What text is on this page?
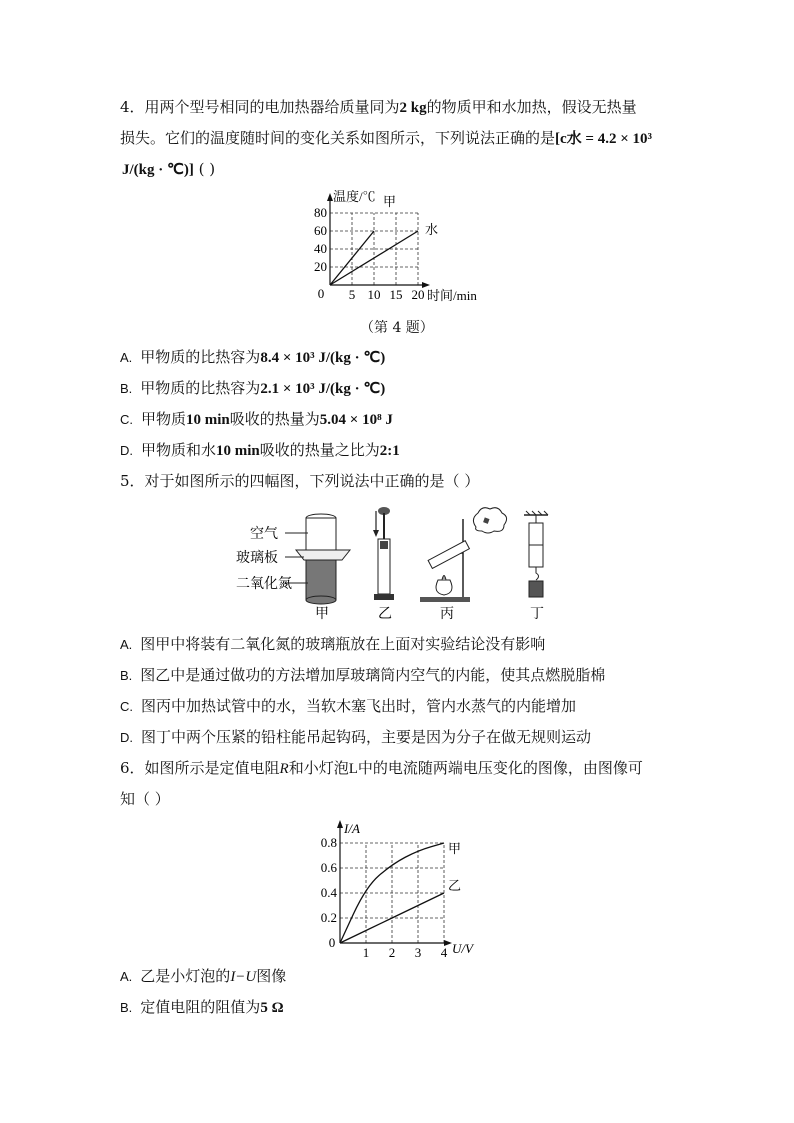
4．用两个型号相同的电加热器给质量同为2 kg的物质甲和水加热，假设无热量
损失。它们的温度随时间的变化关系如图所示，下列说法正确的是[c水 = 4.2 × 10³
J/(kg · ℃)] ( )
5 10 15 20
20
40
60
80
0
温度/℃
时间/min
甲
水
（第 4 题）
A. 甲物质的比热容为8.4 × 10³ J/(kg · ℃)
B. 甲物质的比热容为2.1 × 10³ J/(kg · ℃)
C. 甲物质10 min吸收的热量为5.04 × 10⁸ J
D. 甲物质和水10 min吸收的热量之比为2:1
5．对于如图所示的四幅图，下列说法中正确的是（ ）
空气
玻璃板
二氧化氮
甲	乙	丙	丁
A. 图甲中将装有二氧化氮的玻璃瓶放在上面对实验结论没有影响
B. 图乙中是通过做功的方法增加厚玻璃筒内空气的内能，使其点燃脱脂棉
C. 图丙中加热试管中的水，当软木塞飞出时，管内水蒸气的内能增加
D. 图丁中两个压紧的铅柱能吊起钩码，主要是因为分子在做无规则运动
6．如图所示是定值电阻R和小灯泡L中的电流随两端电压变化的图像，由图像可
知（ ）
1 2 3 4
0.2
0.4
0.6
0.8
0
I/A
U/V
甲
乙
A. 乙是小灯泡的I−U图像
B. 定值电阻的阻值为5 Ω
